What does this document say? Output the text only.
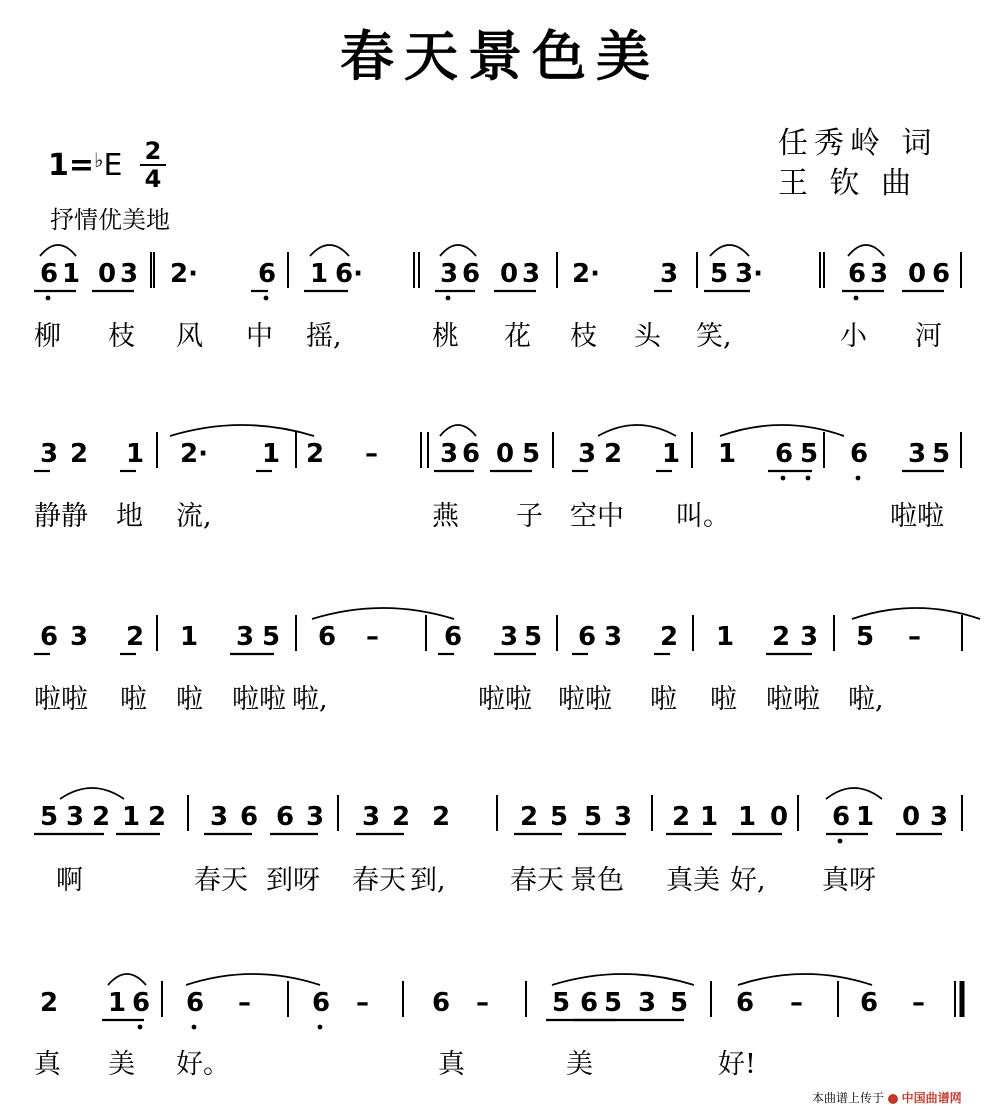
春天景色美
任秀岭 词
王 钦 曲
1=♭E $\frac{2}{4}$
抒情优美地
6 1 0 3 2· 6 1 6·	3 6 0 3 2· 3 5 3·	6 3 0 6
3 2 1 2· 1 2 – 3 6 0 5 3 2 1 1 6 5 6 3 5
6 3 2 1 3 5 6 –	6 3 5 6 3 2 1 2 3 5 –
5 3 2 1 2 3 6 6 3 3 2 2	2 5 5 3 2 1 1 0 6 1 0 3
2 1 6 6 – 6 – 6 – 5 6 5 3 5 6 – 6 –
柳 枝 风 中 摇,	桃 花 枝 头 笑,	小 河
静静 地 流,	燕 子 空中 叫。	啦啦
啦啦 啦 啦 啦啦 啦,	啦啦 啦啦 啦 啦 啦啦 啦,
啊	春天 到呀 春天 到, 春天 景色 真美 好, 真呀
真 美 好。	真	美	好!
本曲谱上传于 中国曲谱网
